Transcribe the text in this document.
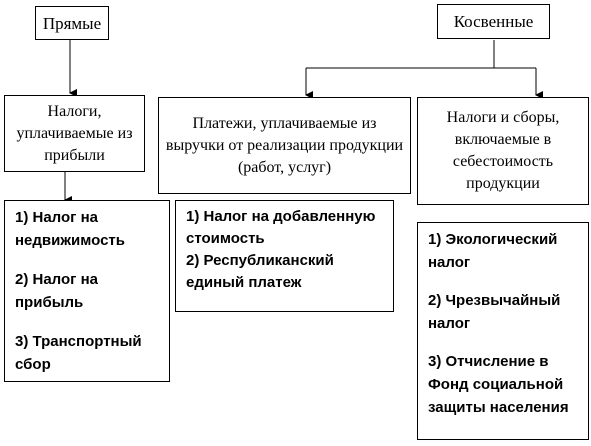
Прямые	Косвенные
Налоги, уплачиваемые из прибыли
Платежи, уплачиваемые из выручки от реализации продукции (работ, услуг)
Налоги и сборы, включаемые в себестоимость продукции
1) Налог на недвижимость
2) Налог на прибыль
3) Транспортный сбор
1) Налог на добавленную стоимость
2) Республиканский единый платеж
1) Экологический налог
2) Чрезвычайный налог
3) Отчисление в Фонд социальной защиты населения
